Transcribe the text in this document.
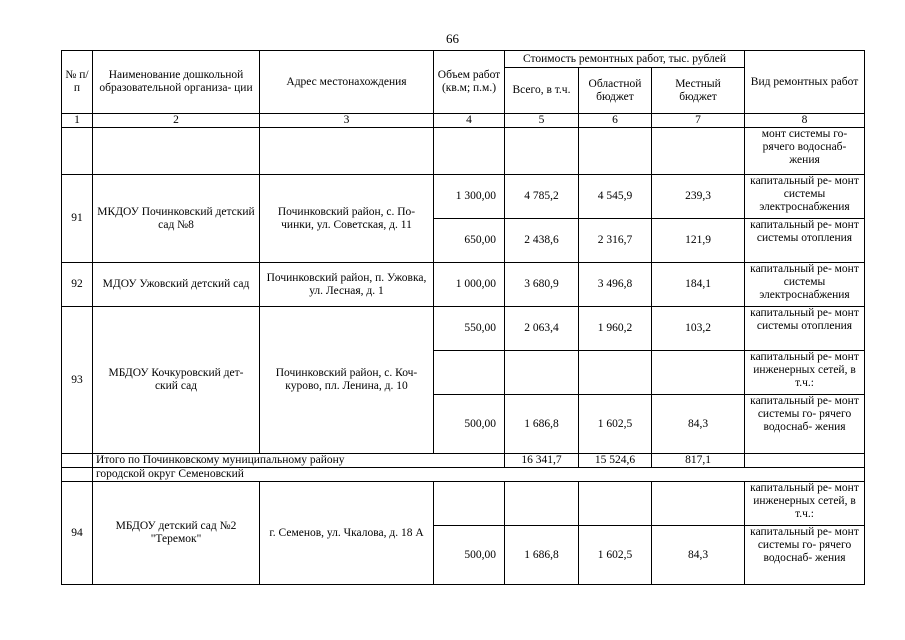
66
№ п/п	Наименование дошкольной образовательной организа- ции	Адрес местонахождения	Объем работ (кв.м; п.м.)	Стоимость ремонтных работ, тыс. рублей			Вид ремонтных работ
				Всего, в т.ч.	Областной бюджет	Местный бюджет	
1	2	3	4	5	6	7	8
							монт системы го- рячего водоснаб- жения
91	МКДОУ Починковский детский сад №8	Починковский район, с. По- чинки, ул. Советская, д. 11	1 300,00	4 785,2	4 545,9	239,3	капитальный ре- монт системы электроснабжения
			650,00	2 438,6	2 316,7	121,9	капитальный ре- монт системы отопления
92	МДОУ Ужовский детский сад	Починковский район, п. Ужовка, ул. Лесная, д. 1	1 000,00	3 680,9	3 496,8	184,1	капитальный ре- монт системы электроснабжения
93	МБДОУ Кочкуровский дет- ский сад	Починковский район, с. Коч- курово, пл. Ленина, д. 10	550,00	2 063,4	1 960,2	103,2	капитальный ре- монт системы отопления
							капитальный ре- монт инженерных сетей, в т.ч.:
			500,00	1 686,8	1 602,5	84,3	капитальный ре- монт системы го- рячего водоснаб- жения
	Итого по Починковскому муниципальному району			16 341,7	15 524,6	817,1	
	городской округ Семеновский						
94	МБДОУ детский сад №2 "Теремок"	г. Семенов, ул. Чкалова, д. 18 А					капитальный ре- монт инженерных сетей, в т.ч.:
			500,00	1 686,8	1 602,5	84,3	капитальный ре- монт системы го- рячего водоснаб- жения
